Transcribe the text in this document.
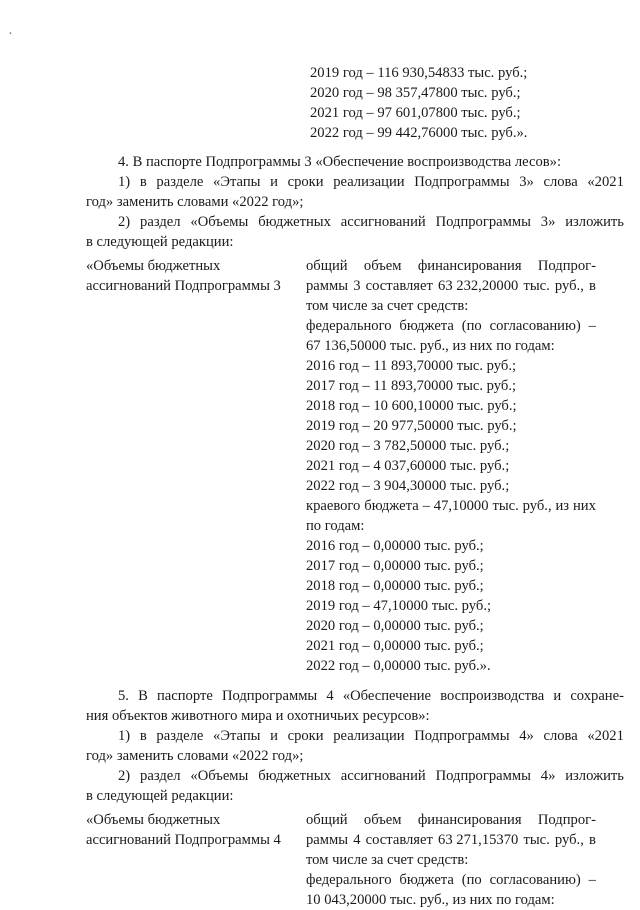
·
2019 год – 116 930,54833 тыс. руб.;
2020 год – 98 357,47800 тыс. руб.;
2021 год – 97 601,07800 тыс. руб.;
2022 год – 99 442,76000 тыс. руб.».
4. В паспорте Подпрограммы 3 «Обеспечение воспроизводства лесов»:
1) в разделе «Этапы и сроки реализации Подпрограммы 3» слова «2021
год» заменить словами «2022 год»;
2) раздел «Объемы бюджетных ассигнований Подпрограммы 3» изложить
в следующей редакции:
«Объемы бюджетных
ассигнований Подпрограммы 3
общий объем финансирования Подпрог-
раммы 3 составляет 63 232,20000 тыс. руб., в
том числе за счет средств:
федерального бюджета (по согласованию) –
67 136,50000 тыс. руб., из них по годам:
2016 год – 11 893,70000 тыс. руб.;
2017 год – 11 893,70000 тыс. руб.;
2018 год – 10 600,10000 тыс. руб.;
2019 год – 20 977,50000 тыс. руб.;
2020 год – 3 782,50000 тыс. руб.;
2021 год – 4 037,60000 тыс. руб.;
2022 год – 3 904,30000 тыс. руб.;
краевого бюджета – 47,10000 тыс. руб., из них
по годам:
2016 год – 0,00000 тыс. руб.;
2017 год – 0,00000 тыс. руб.;
2018 год – 0,00000 тыс. руб.;
2019 год – 47,10000 тыс. руб.;
2020 год – 0,00000 тыс. руб.;
2021 год – 0,00000 тыс. руб.;
2022 год – 0,00000 тыс. руб.».
5. В паспорте Подпрограммы 4 «Обеспечение воспроизводства и сохране-
ния объектов животного мира и охотничьих ресурсов»:
1) в разделе «Этапы и сроки реализации Подпрограммы 4» слова «2021
год» заменить словами «2022 год»;
2) раздел «Объемы бюджетных ассигнований Подпрограммы 4» изложить
в следующей редакции:
«Объемы бюджетных
ассигнований Подпрограммы 4
общий объем финансирования Подпрог-
раммы 4 составляет 63 271,15370 тыс. руб., в
том числе за счет средств:
федерального бюджета (по согласованию) –
10 043,20000 тыс. руб., из них по годам:
